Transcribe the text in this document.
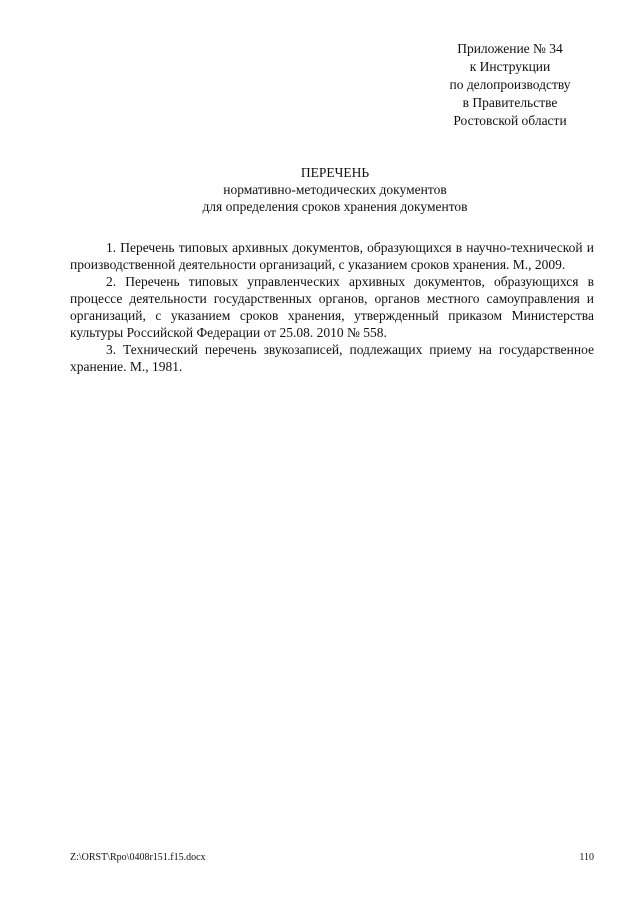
Приложение № 34
к Инструкции
по делопроизводству
в Правительстве
Ростовской области
ПЕРЕЧЕНЬ
нормативно-методических документов
для определения сроков хранения документов

1. Перечень типовых архивных документов, образующихся в научно-технической и производственной деятельности организаций, с указанием сроков хранения. М., 2009.

2. Перечень типовых управленческих архивных документов, образующихся в процессе деятельности государственных органов, органов местного самоуправления и организаций, с указанием сроков хранения, утвержденный приказом Министерства культуры Российской Федерации от 25.08. 2010 № 558.

3. Технический перечень звукозаписей, подлежащих приему на государственное хранение. М., 1981.

Z:\ORST\Rpo\0408r151.f15.docx	110
